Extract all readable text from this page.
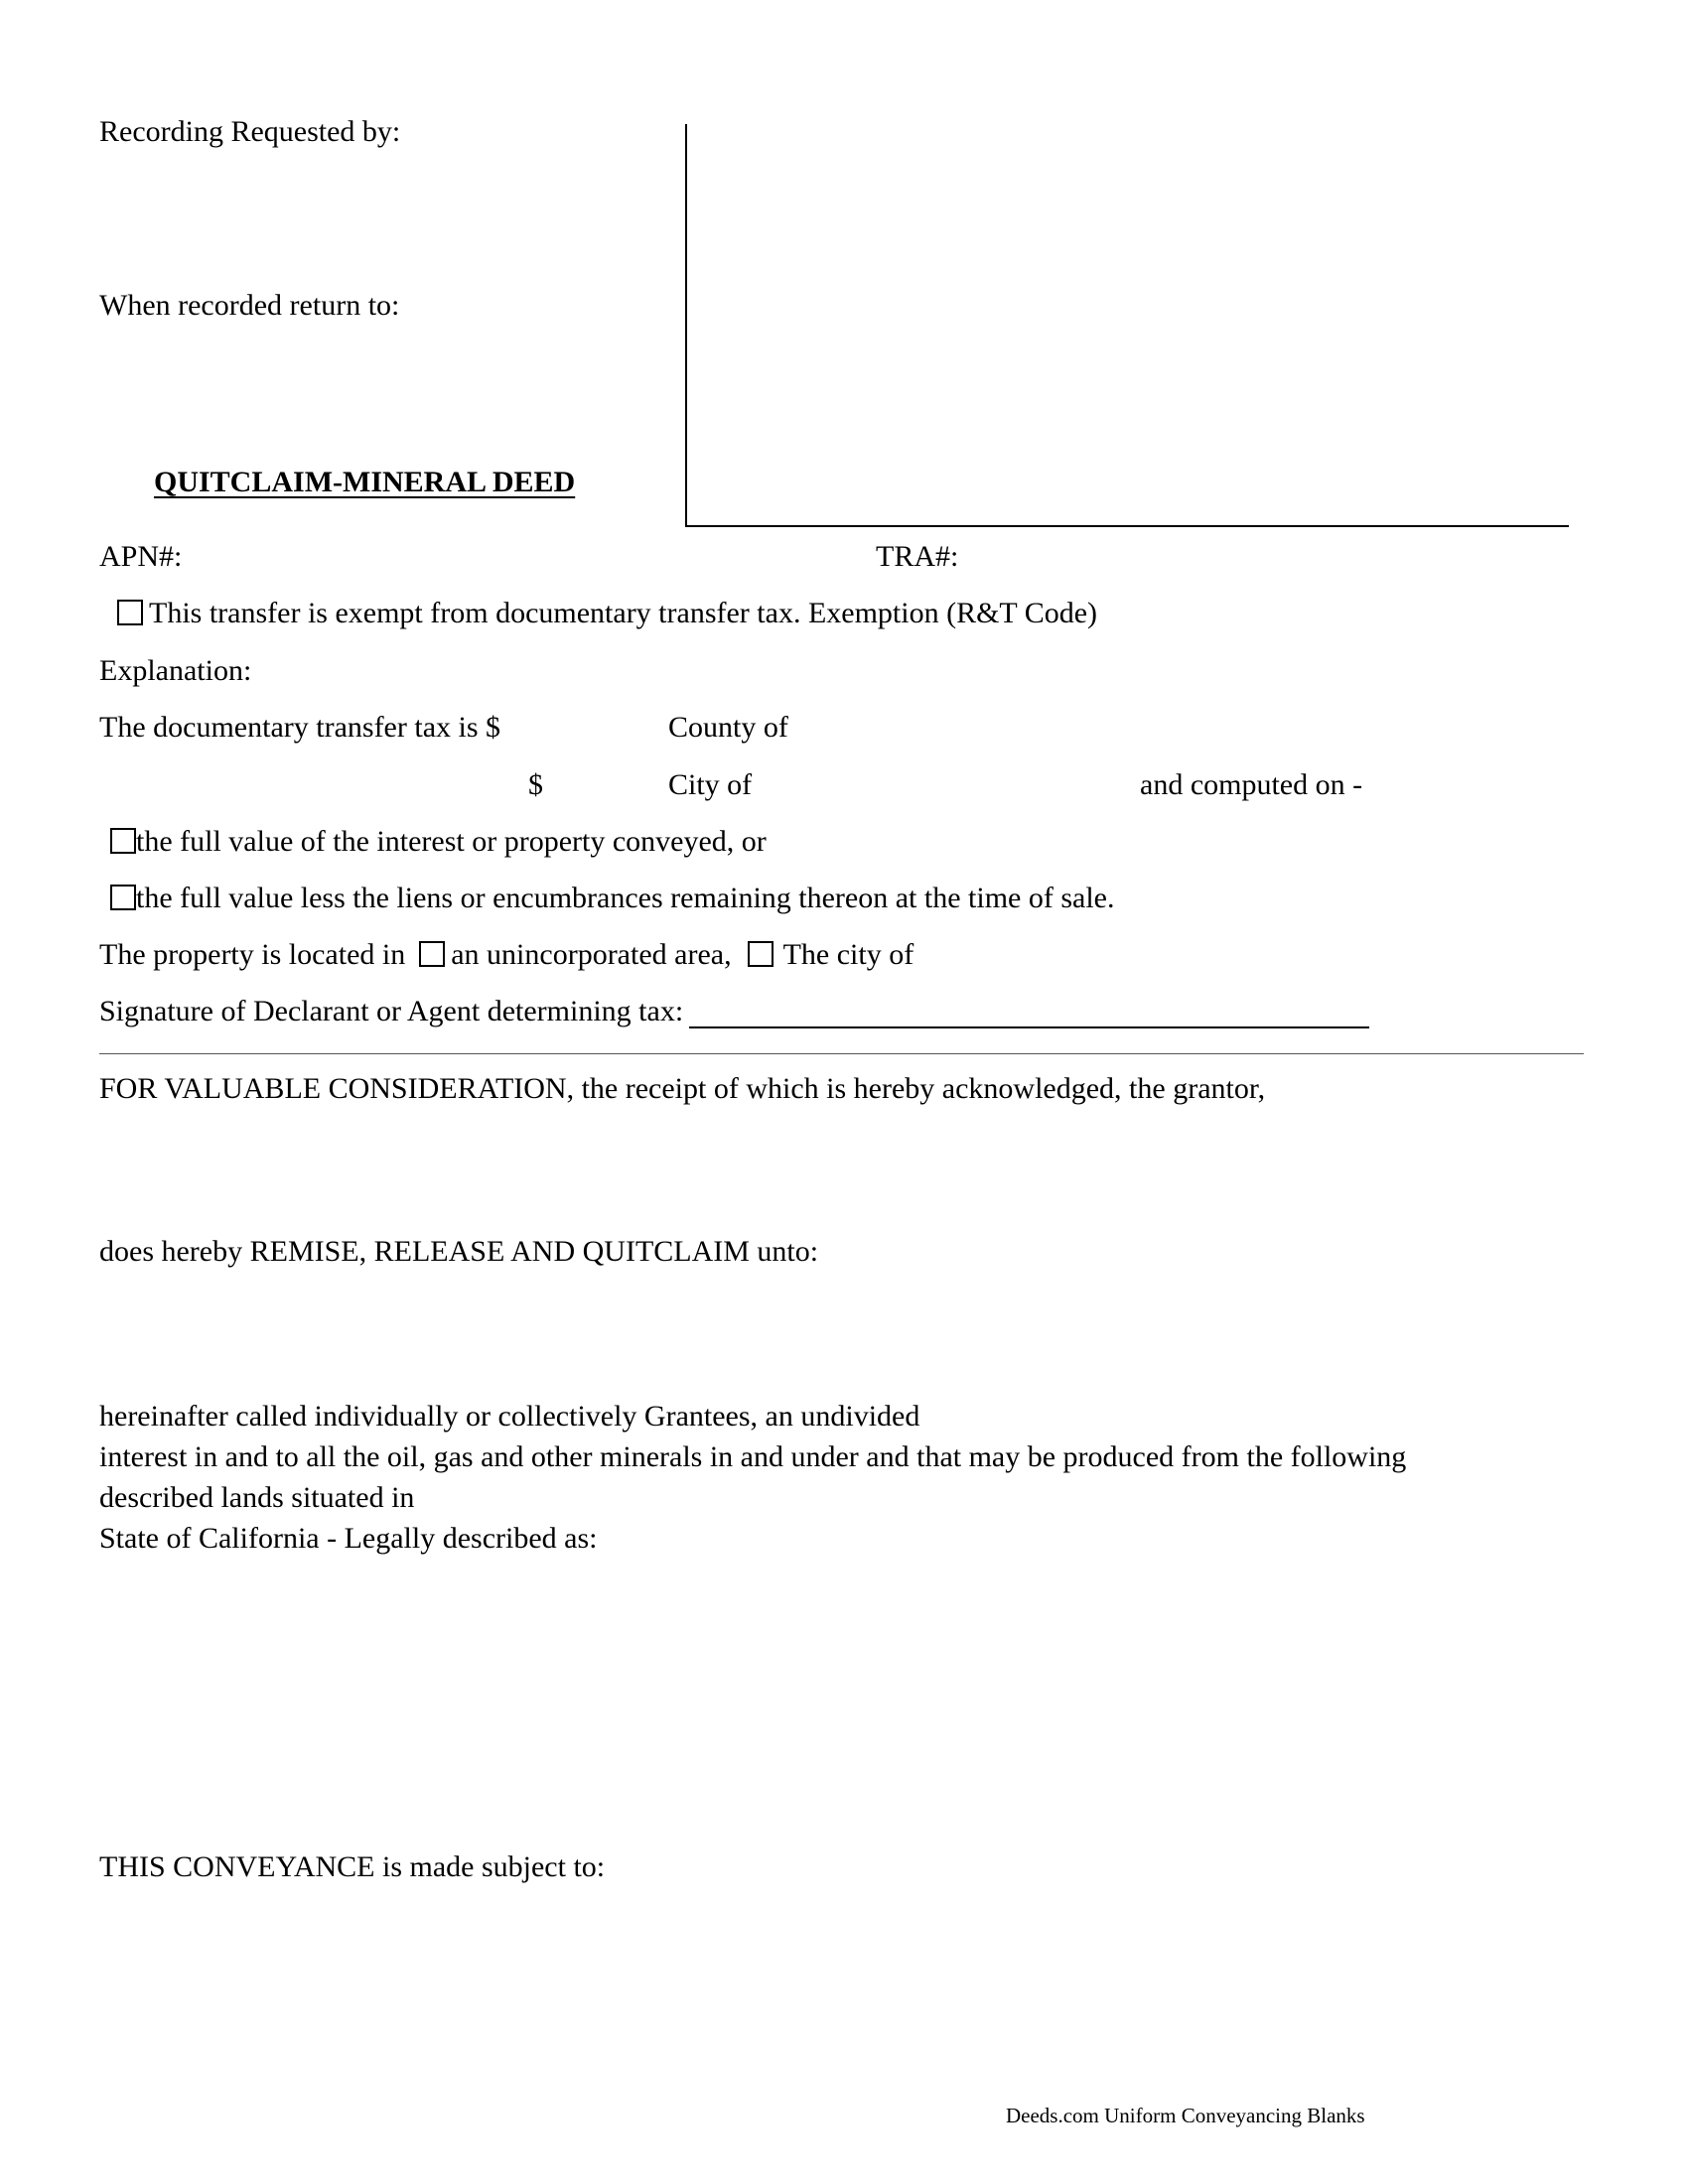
Recording Requested by:
When recorded return to:
QUITCLAIM-MINERAL DEED
APN#:	TRA#:
This transfer is exempt from documentary transfer tax. Exemption (R&T Code)
Explanation:
The documentary transfer tax is $	County of
$	City of	and computed on -
the full value of the interest or property conveyed, or
the full value less the liens or encumbrances remaining thereon at the time of sale.
The property is located in an unincorporated area, The city of
Signature of Declarant or Agent determining tax:
FOR VALUABLE CONSIDERATION, the receipt of which is hereby acknowledged, the grantor,
does hereby REMISE, RELEASE AND QUITCLAIM unto:
hereinafter called individually or collectively Grantees, an undivided
interest in and to all the oil, gas and other minerals in and under and that may be produced from the following
described lands situated in
State of California - Legally described as:
THIS CONVEYANCE is made subject to:
Deeds.com Uniform Conveyancing Blanks
